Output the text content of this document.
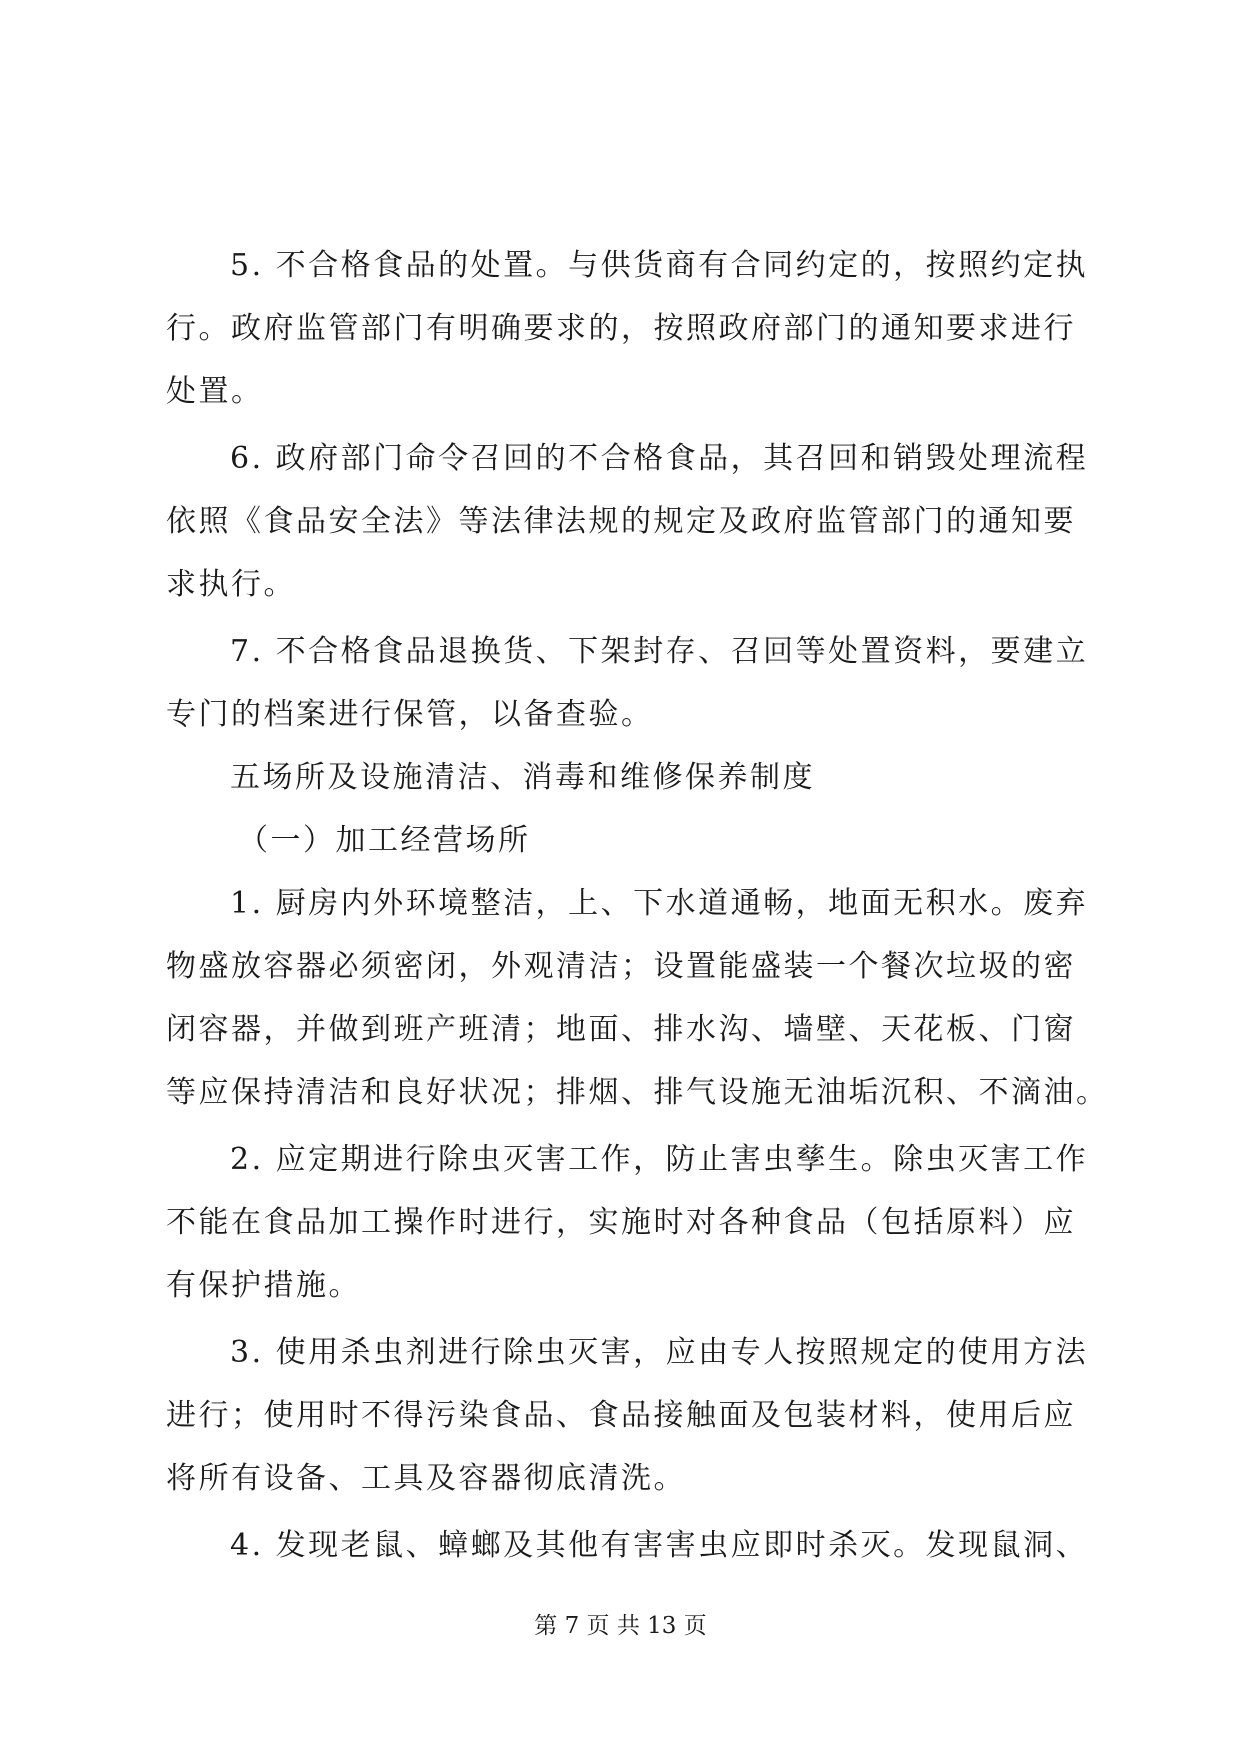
5. 不合格食品的处置。与供货商有合同约定的，按照约定执
行。政府监管部门有明确要求的，按照政府部门的通知要求进行
处置。
6. 政府部门命令召回的不合格食品，其召回和销毁处理流程
依照《食品安全法》等法律法规的规定及政府监管部门的通知要
求执行。
7. 不合格食品退换货、下架封存、召回等处置资料，要建立
专门的档案进行保管，以备查验。
五场所及设施清洁、消毒和维修保养制度
（一）加工经营场所
1. 厨房内外环境整洁，上、下水道通畅，地面无积水。废弃
物盛放容器必须密闭，外观清洁；设置能盛装一个餐次垃圾的密
闭容器，并做到班产班清；地面、排水沟、墙壁、天花板、门窗
等应保持清洁和良好状况；排烟、排气设施无油垢沉积、不滴油。
2. 应定期进行除虫灭害工作，防止害虫孳生。除虫灭害工作
不能在食品加工操作时进行，实施时对各种食品（包括原料）应
有保护措施。
3. 使用杀虫剂进行除虫灭害，应由专人按照规定的使用方法
进行；使用时不得污染食品、食品接触面及包装材料，使用后应
将所有设备、工具及容器彻底清洗。
4. 发现老鼠、蟑螂及其他有害害虫应即时杀灭。发现鼠洞、
第 7 页 共 13 页
